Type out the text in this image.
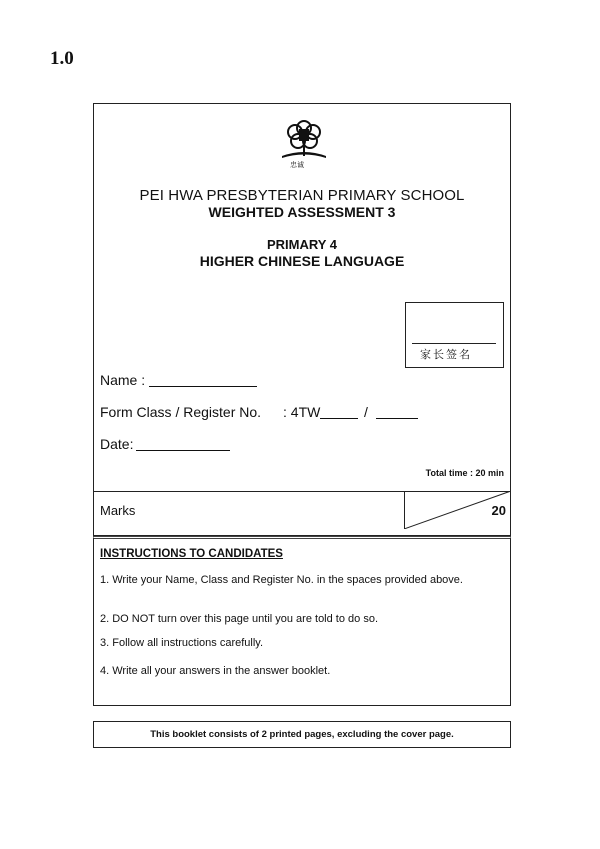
1.0
忠诚
PEI HWA PRESBYTERIAN PRIMARY SCHOOL
WEIGHTED ASSESSMENT 3
PRIMARY 4
HIGHER CHINESE LANGUAGE
家长签名
Name :
Form Class / Register No. : 4TW	/
Date:
Total time : 20 min
Marks	20
INSTRUCTIONS TO CANDIDATES
1. Write your Name, Class and Register No. in the spaces provided above.
2. DO NOT turn over this page until you are told to do so.
3. Follow all instructions carefully.
4. Write all your answers in the answer booklet.
This booklet consists of 2 printed pages, excluding the cover page.
